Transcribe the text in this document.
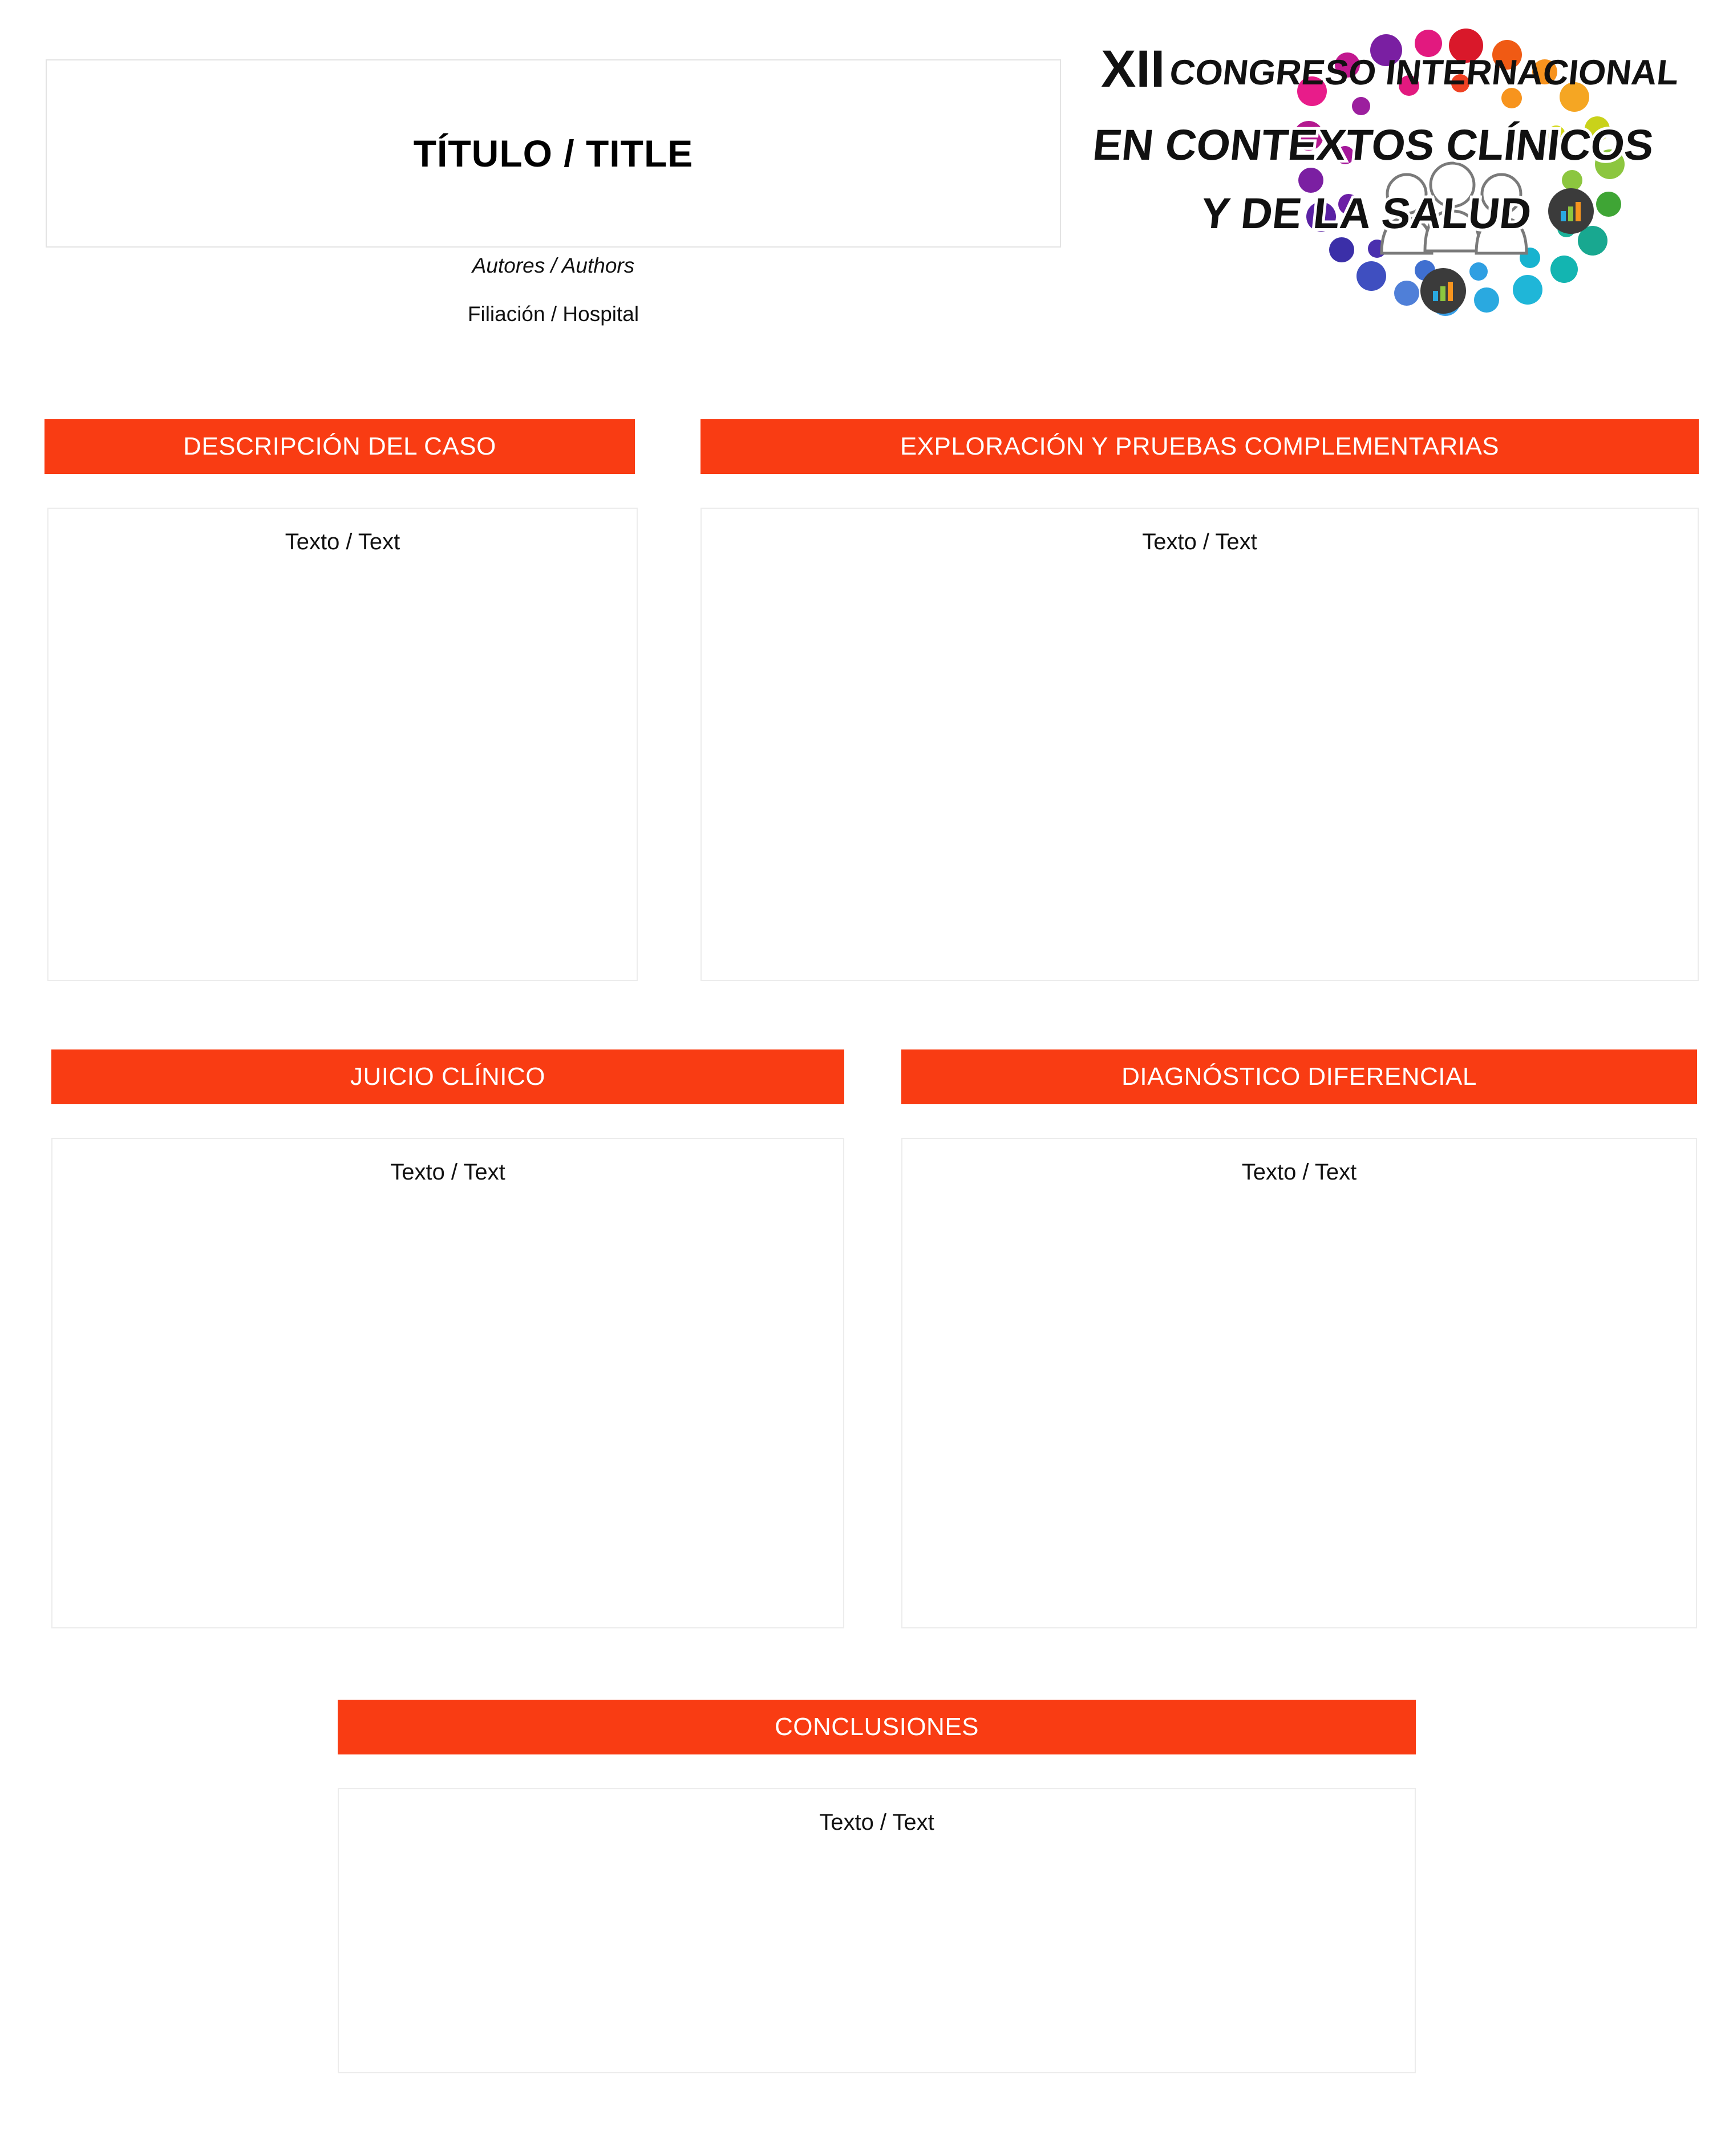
TÍTULO / TITLE
Autores / Authors
Filiación / Hospital
XII CONGRESO INTERNACIONAL
EN CONTEXTOS CLÍNICOS
Y DE LA SALUD
DESCRIPCIÓN DEL CASO
Texto / Text
EXPLORACIÓN Y PRUEBAS COMPLEMENTARIAS
Texto / Text
JUICIO CLÍNICO
Texto / Text
DIAGNÓSTICO DIFERENCIAL
Texto / Text
CONCLUSIONES
Texto / Text
